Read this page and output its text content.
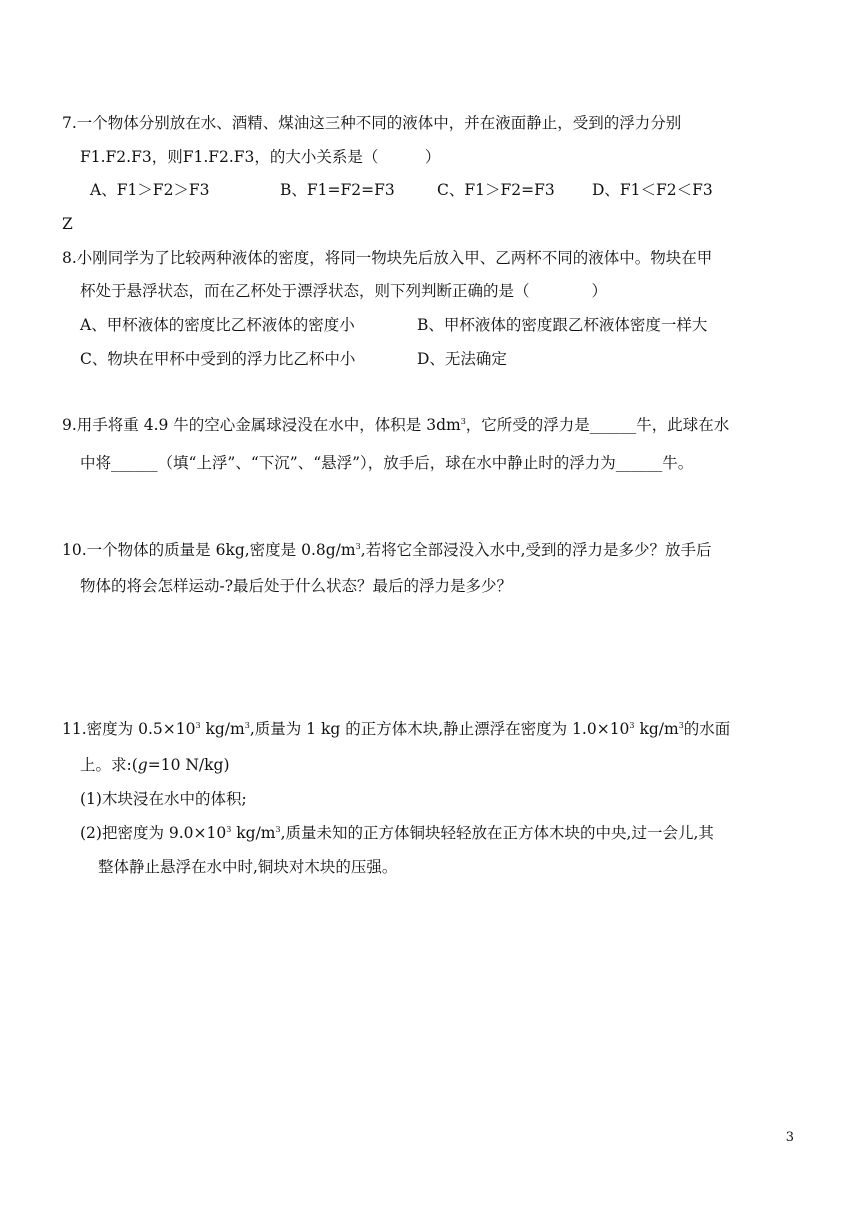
7.一个物体分别放在水、酒精、煤油这三种不同的液体中，并在液面静止，受到的浮力分别
F1.F2.F3，则F1.F2.F3，的大小关系是（　　　）
A、F1＞F2＞F3	B、F1=F2=F3	C、F1＞F2=F3 D、F1＜F2＜F3
Z
8.小刚同学为了比较两种液体的密度，将同一物块先后放入甲、乙两杯不同的液体中。物块在甲
杯处于悬浮状态，而在乙杯处于漂浮状态，则下列判断正确的是（　　　　）
A、甲杯液体的密度比乙杯液体的密度小	B、甲杯液体的密度跟乙杯液体密度一样大
C、物块在甲杯中受到的浮力比乙杯中小	D、无法确定
9.用手将重 4.9 牛的空心金属球浸没在水中，体积是 $3dm^3$，它所受的浮力是______牛，此球在水
中将______（填“上浮”、“下沉”、“悬浮”），放手后，球在水中静止时的浮力为______牛。
10.一个物体的质量是 6kg,密度是 $0.8g/m^3$,若将它全部浸没入水中,受到的浮力是多少？放手后
物体的将会怎样运动-?最后处于什么状态？最后的浮力是多少？
11.密度为 $0.5\times 10^3$ $kg/m^3$,质量为 1 kg 的正方体木块,静止漂浮在密度为 $1.0\times 10^3$ $kg/m^3$的水面
上。求:(g=10 N/kg)
(1)木块浸在水中的体积;
(2)把密度为 $9.0\times 10^3$ $kg/m^3$,质量未知的正方体铜块轻轻放在正方体木块的中央,过一会儿,其
整体静止悬浮在水中时,铜块对木块的压强。
3
